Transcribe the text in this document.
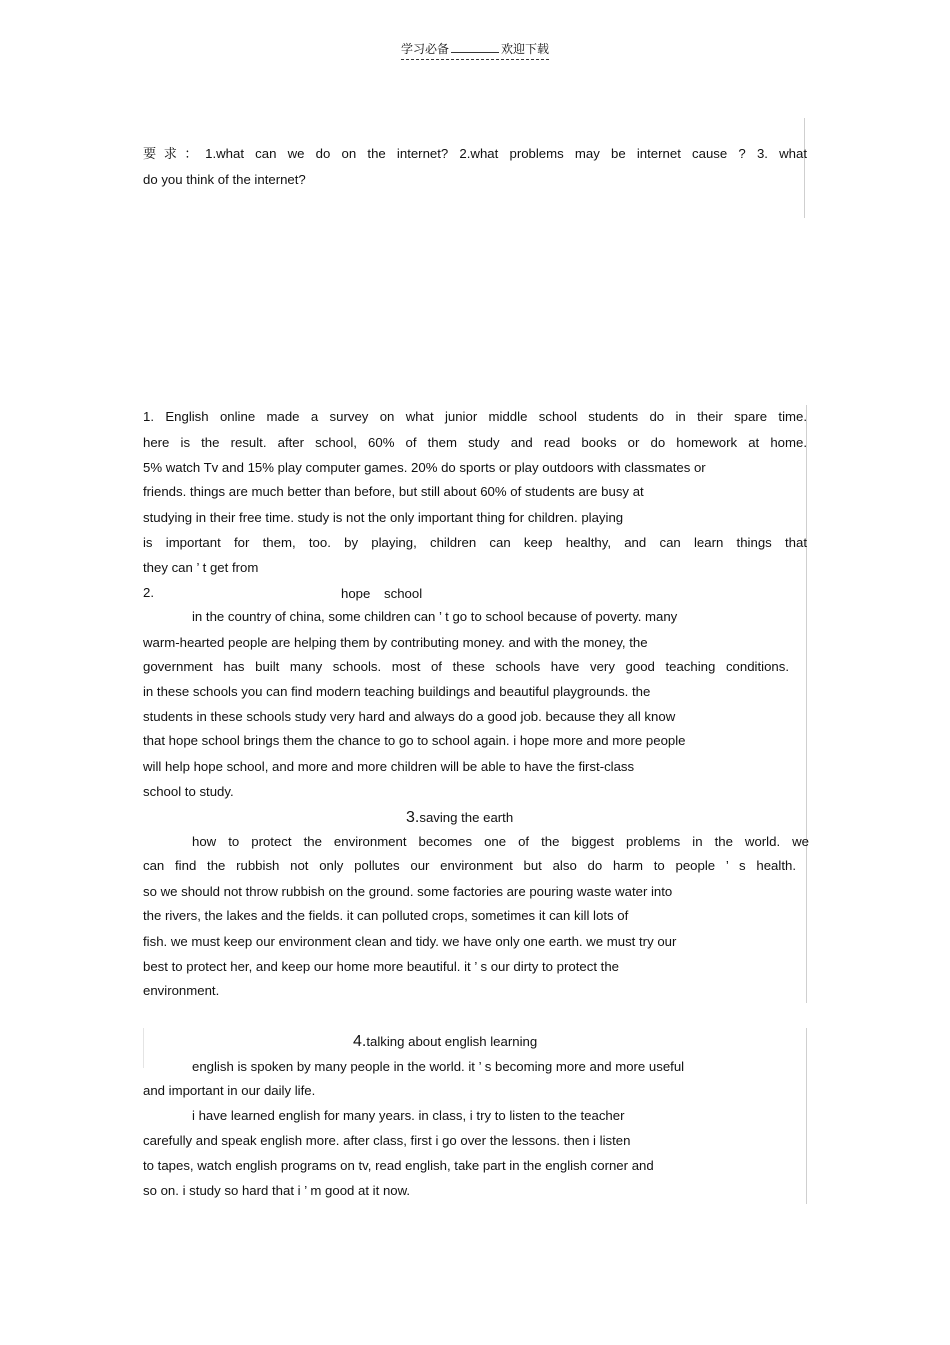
学习必备	欢迎下载
要求：1.what can we do on the internet? 2.what problems may be internet cause ? 3. what
do you think of the internet?
1. English online made a survey on what junior middle school students do in their spare time.
here is the result. after school, 60% of them study and read books or do homework at home.
5% watch Tv and 15% play computer games. 20% do sports or play outdoors with classmates or
friends. things are much better than before, but still about 60% of students are busy at
studying in their free time. study is not the only important thing for children. playing
is important for them, too. by playing, children can keep healthy, and can learn things that
they can ’ t get from
2.	hope school
in the country of china, some children can ’ t go to school because of poverty. many
warm-hearted people are helping them by contributing money. and with the money, the
government has built many schools. most of these schools have very good teaching conditions.
in these schools you can find modern teaching buildings and beautiful playgrounds. the
students in these schools study very hard and always do a good job. because they all know
that hope school brings them the chance to go to school again. i hope more and more people
will help hope school, and more and more children will be able to have the first-class
school to study.
3.saving the earth
how to protect the environment becomes one of the biggest problems in the world. we
can find the rubbish not only pollutes our environment but also do harm to people ’ s health.
so we should not throw rubbish on the ground. some factories are pouring waste water into
the rivers, the lakes and the fields. it can polluted crops, sometimes it can kill lots of
fish. we must keep our environment clean and tidy. we have only one earth. we must try our
best to protect her, and keep our home more beautiful. it ’ s our dirty to protect the
environment.
4.talking about english learning
english is spoken by many people in the world. it ’ s becoming more and more useful
and important in our daily life.
i have learned english for many years. in class, i try to listen to the teacher
carefully and speak english more. after class, first i go over the lessons. then i listen
to tapes, watch english programs on tv, read english, take part in the english corner and
so on. i study so hard that i ’ m good at it now.
